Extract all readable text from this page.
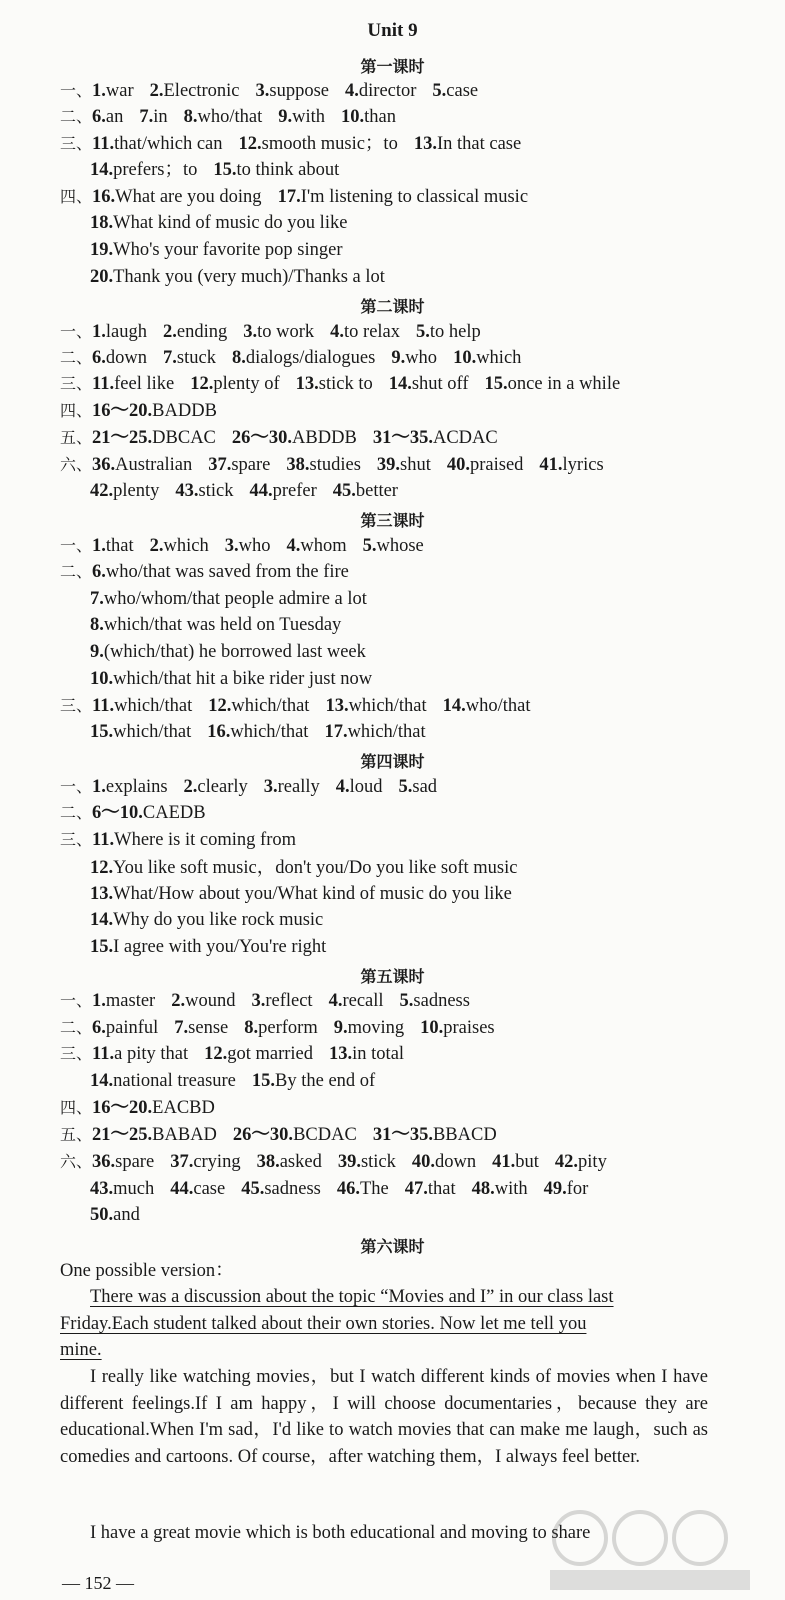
Unit 9
第一课时
一、1.war 2.Electronic 3.suppose 4.director 5.case
二、6.an 7.in 8.who/that 9.with 10.than
三、11.that/which can 12.smooth music；to 13.In that case
14.prefers；to 15.to think about
四、16.What are you doing 17.I'm listening to classical music
18.What kind of music do you like
19.Who's your favorite pop singer
20.Thank you (very much)/Thanks a lot
第二课时
一、1.laugh 2.ending 3.to work 4.to relax 5.to help
二、6.down 7.stuck 8.dialogs/dialogues 9.who 10.which
三、11.feel like 12.plenty of 13.stick to 14.shut off 15.once in a while
四、16～20.BADDB
五、21～25.DBCAC 26～30.ABDDB 31～35.ACDAC
六、36.Australian 37.spare 38.studies 39.shut 40.praised 41.lyrics
42.plenty 43.stick 44.prefer 45.better
第三课时
一、1.that 2.which 3.who 4.whom 5.whose
二、6.who/that was saved from the fire
7.who/whom/that people admire a lot
8.which/that was held on Tuesday
9.(which/that) he borrowed last week
10.which/that hit a bike rider just now
三、11.which/that 12.which/that 13.which/that 14.who/that
15.which/that 16.which/that 17.which/that
第四课时
一、1.explains 2.clearly 3.really 4.loud 5.sad
二、6～10.CAEDB
三、11.Where is it coming from
12.You like soft music，don't you/Do you like soft music
13.What/How about you/What kind of music do you like
14.Why do you like rock music
15.I agree with you/You're right
第五课时
一、1.master 2.wound 3.reflect 4.recall 5.sadness
二、6.painful 7.sense 8.perform 9.moving 10.praises
三、11.a pity that 12.got married 13.in total
14.national treasure 15.By the end of
四、16～20.EACBD
五、21～25.BABAD 26～30.BCDAC 31～35.BBACD
六、36.spare 37.crying 38.asked 39.stick 40.down 41.but 42.pity
43.much 44.case 45.sadness 46.The 47.that 48.with 49.for
50.and
第六课时
One possible version：
There was a discussion about the topic “Movies and I” in our class last
Friday.Each student talked about their own stories. Now let me tell you
mine.
I really like watching movies，but I watch different kinds of movies when I have different feelings.If I am happy，I will choose documentaries，because they are educational.When I'm sad，I'd like to watch movies that can make me laugh，such as comedies and cartoons. Of course，after watching them，I always feel better.
I have a great movie which is both educational and moving to share
— 152 —
